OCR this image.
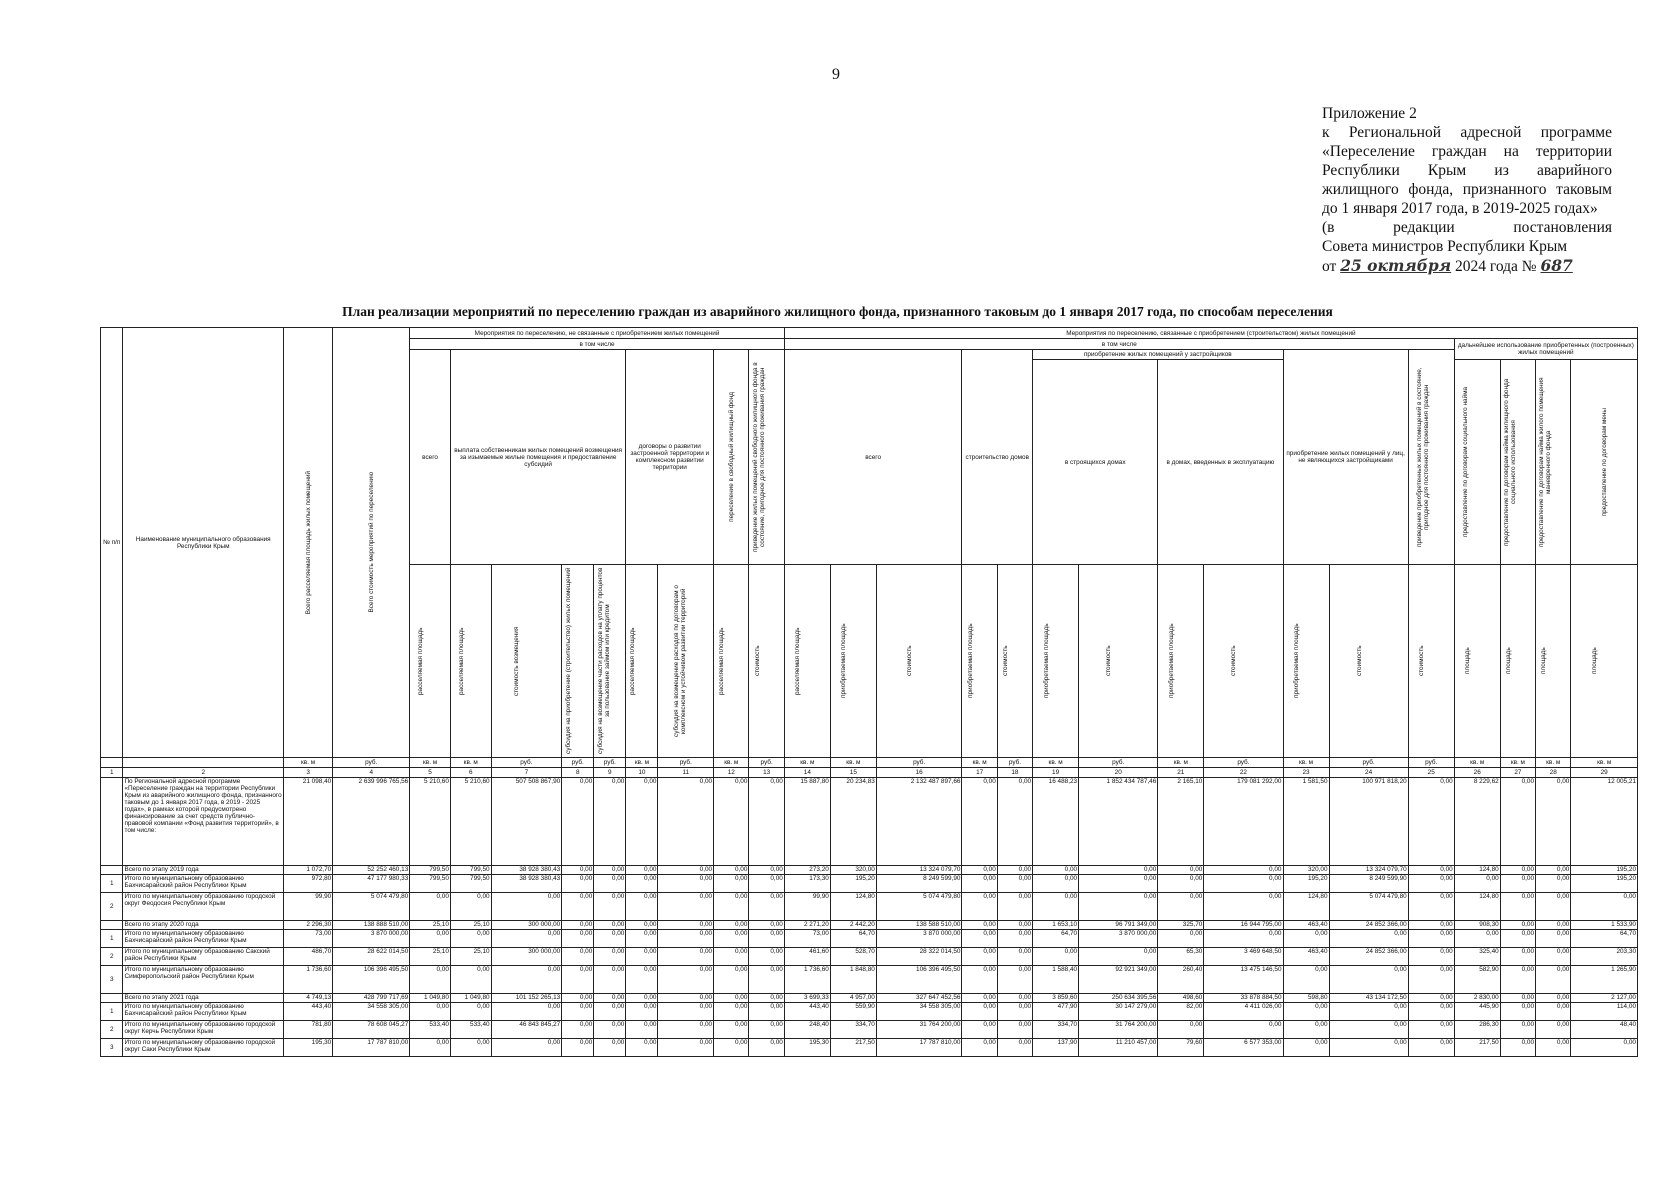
9
Приложение 2
к Региональной адресной программе
«Переселение граждан на территории
Республики Крым из аварийного
жилищного фонда, признанного таковым
до 1 января 2017 года, в 2019-2025 годах»
(в редакции постановления
Совета министров Республики Крым
от 25 октября 2024 года № 687
План реализации мероприятий по переселению граждан из аварийного жилищного фонда, признанного таковым до 1 января 2017 года, по способам переселения
№ п/п	Наименование муниципального образования Республики Крым	Всего расселяемая площадь жилых помещений	Всего стоимость мероприятий по переселению	Мероприятия по переселению, не связанные с приобретением жилых помещений									Мероприятия по переселению, связанные с приобретением (строительством) жилых помещений															
				в том числе									в том числе												дальнейшее использование приобретенных (построенных) жилых помещений			
				всего	выплата собственникам жилых помещений возмещения за изымаемые жилые помещения и предоставление субсидий				договоры о развитии застроенной территории и комплексном развитии территории		переселение в свободный жилищный фонд	приведение жилых помещений свободного жилищного фонда в состояние, пригодное для постоянного проживания граждан	всего			строительство домов		приобретение жилых помещений у застройщиков				приобретение жилых помещений у лиц, не являющихся застройщиками		приведение приобретенных жилых помещений в состояние, пригодное для постоянного проживания граждан				

																		в строящихся домах		в домах, введенных в эксплуатацию					предоставление по договорам социального найма	предоставление по договорам найма жилищного фонда социального использования	предоставление по договорам найма жилого помещения маневренного фонда	предоставление по договорам мены

				расселяемая площадь	расселяемая площадь	стоимость возмещения	субсидия на приобретение (строительство) жилых помещений	субсидия на возмещение части расходов на уплату процентов за пользование займом или кредитом	расселяемая площадь	субсидия на возмещение расходов по договорам о комплексном и устойчивом развитии территорий	расселяемая площадь	стоимость	расселяемая площадь	приобретаемая площадь	стоимость	приобретаемая площадь	стоимость	приобретаемая площадь	стоимость	приобретаемая площадь	стоимость	приобретаемая площадь	стоимость	стоимость	площадь	площадь	площадь	площадь

		кв. м	руб.	кв. м	кв. м	руб.	руб.	руб.	кв. м	руб.	кв. м	руб.	кв. м	кв. м	руб.	кв. м	руб.	кв. м	руб.	кв. м	руб.	кв. м	руб.	руб.	кв. м	кв. м	кв. м	кв. м
1	2	3	4	5	6	7	8	9	10	11	12	13	14	15	16	17	18	19	20	21	22	23	24	25	26	27	28	29
	По Региональной адресной программе «Переселение граждан на территории Республики Крым из аварийного жилищного фонда, признанного таковым до 1 января 2017 года, в 2019 - 2025 годах», в рамках которой предусмотрено финансирование за счет средств публично-правовой компании «Фонд развития территорий», в том числе:	21 098,40	2 639 996 765,56	5 210,60	5 210,60	507 508 867,90	0,00	0,00	0,00	0,00	0,00	0,00	15 887,80	20 234,83	2 132 487 897,66	0,00	0,00	16 488,23	1 852 434 787,46	2 165,10	179 081 292,00	1 581,50	100 971 818,20	0,00	8 229,62	0,00	0,00	12 005,21
	Всего по этапу 2019 года	1 072,70	52 252 460,13	799,50	799,50	38 928 380,43	0,00	0,00	0,00	0,00	0,00	0,00	273,20	320,00	13 324 079,70	0,00	0,00	0,00	0,00	0,00	0,00	320,00	13 324 079,70	0,00	124,80	0,00	0,00	195,20
1	Итого по муниципальному образованию Бахчисарайский район Республики Крым	972,80	47 177 980,33	799,50	799,50	38 928 380,43	0,00	0,00	0,00	0,00	0,00	0,00	173,30	195,20	8 249 599,90	0,00	0,00	0,00	0,00	0,00	0,00	195,20	8 249 599,90	0,00	0,00	0,00	0,00	195,20
2	Итого по муниципальному образованию городской округ Феодосия Республики Крым	99,90	5 074 479,80	0,00	0,00	0,00	0,00	0,00	0,00	0,00	0,00	0,00	99,90	124,80	5 074 479,80	0,00	0,00	0,00	0,00	0,00	0,00	124,80	5 074 479,80	0,00	124,80	0,00	0,00	0,00
	Всего по этапу 2020 года	2 296,30	138 888 510,00	25,10	25,10	300 000,00	0,00	0,00	0,00	0,00	0,00	0,00	2 271,20	2 442,20	138 588 510,00	0,00	0,00	1 653,10	96 791 349,00	325,70	16 944 795,00	463,40	24 852 366,00	0,00	908,30	0,00	0,00	1 533,90
1	Итого по муниципальному образованию Бахчисарайский район Республики Крым	73,00	3 870 000,00	0,00	0,00	0,00	0,00	0,00	0,00	0,00	0,00	0,00	73,00	64,70	3 870 000,00	0,00	0,00	64,70	3 870 000,00	0,00	0,00	0,00	0,00	0,00	0,00	0,00	0,00	64,70
2	Итого по муниципальному образованию Сакский район Республики Крым	486,70	28 622 014,50	25,10	25,10	300 000,00	0,00	0,00	0,00	0,00	0,00	0,00	461,60	528,70	28 322 014,50	0,00	0,00	0,00	0,00	65,30	3 469 648,50	463,40	24 852 366,00	0,00	325,40	0,00	0,00	203,30
3	Итого по муниципальному образованию Симферопольский район Республики Крым	1 736,60	106 396 495,50	0,00	0,00	0,00	0,00	0,00	0,00	0,00	0,00	0,00	1 736,60	1 848,80	106 396 495,50	0,00	0,00	1 588,40	92 921 349,00	260,40	13 475 146,50	0,00	0,00	0,00	582,90	0,00	0,00	1 265,90
	Всего по этапу 2021 года	4 749,13	428 799 717,69	1 049,80	1 049,80	101 152 265,13	0,00	0,00	0,00	0,00	0,00	0,00	3 699,33	4 957,00	327 647 452,56	0,00	0,00	3 859,60	250 634 395,56	498,60	33 878 884,50	598,80	43 134 172,50	0,00	2 830,00	0,00	0,00	2 127,00
1	Итого по муниципальному образованию Бахчисарайский район Республики Крым	443,40	34 558 305,00	0,00	0,00	0,00	0,00	0,00	0,00	0,00	0,00	0,00	443,40	559,90	34 558 305,00	0,00	0,00	477,90	30 147 279,00	82,00	4 411 026,00	0,00	0,00	0,00	445,90	0,00	0,00	114,00
2	Итого по муниципальному образованию городской округ Керчь Республики Крым	781,80	78 608 045,27	533,40	533,40	46 843 845,27	0,00	0,00	0,00	0,00	0,00	0,00	248,40	334,70	31 764 200,00	0,00	0,00	334,70	31 764 200,00	0,00	0,00	0,00	0,00	0,00	286,30	0,00	0,00	48,40
3	Итого по муниципальному образованию городской округ Саки Республики Крым	195,30	17 787 810,00	0,00	0,00	0,00	0,00	0,00	0,00	0,00	0,00	0,00	195,30	217,50	17 787 810,00	0,00	0,00	137,90	11 210 457,00	79,60	6 577 353,00	0,00	0,00	0,00	217,50	0,00	0,00	0,00
